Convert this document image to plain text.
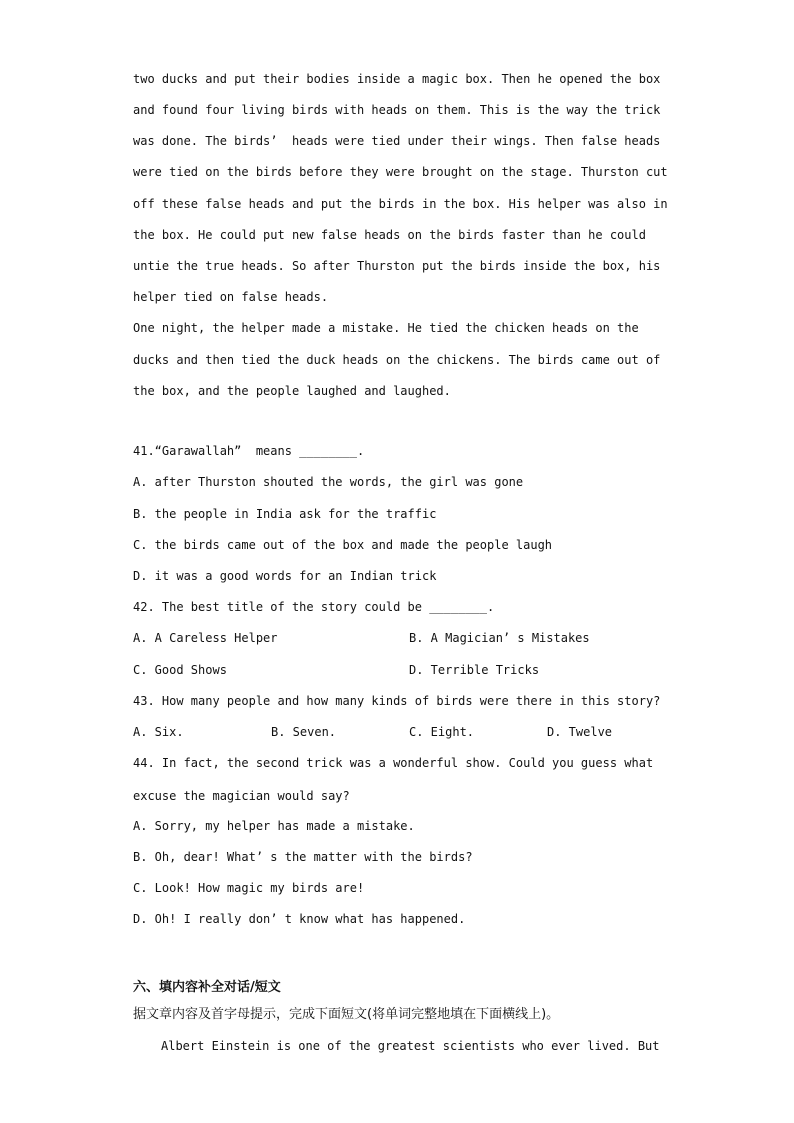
two ducks and put their bodies inside a magic box. Then he opened the box
and found four living birds with heads on them. This is the way the trick
was done. The birds’  heads were tied under their wings. Then false heads
were tied on the birds before they were brought on the stage. Thurston cut
off these false heads and put the birds in the box. His helper was also in
the box. He could put new false heads on the birds faster than he could
untie the true heads. So after Thurston put the birds inside the box, his
helper tied on false heads.
One night, the helper made a mistake. He tied the chicken heads on the
ducks and then tied the duck heads on the chickens. The birds came out of
the box, and the people laughed and laughed.
41.“Garawallah”  means ________.
A. after Thurston shouted the words, the girl was gone
B. the people in India ask for the traffic
C. the birds came out of the box and made the people laugh
D. it was a good words for an Indian trick
42. The best title of the story could be ________.
A. A Careless Helper	B. A Magician’ s Mistakes
C. Good Shows	D. Terrible Tricks
43. How many people and how many kinds of birds were there in this story?
A. Six.	B. Seven.	C. Eight.	D. Twelve
44. In fact, the second trick was a wonderful show. Could you guess what
excuse the magician would say?
A. Sorry, my helper has made a mistake.
B. Oh, dear! What’ s the matter with the birds?
C. Look! How magic my birds are!
D. Oh! I really don’ t know what has happened.
六、填内容补全对话/短文
据文章内容及首字母提示，完成下面短文(将单词完整地填在下面横线上)。
Albert Einstein is one of the greatest scientists who ever lived. But
